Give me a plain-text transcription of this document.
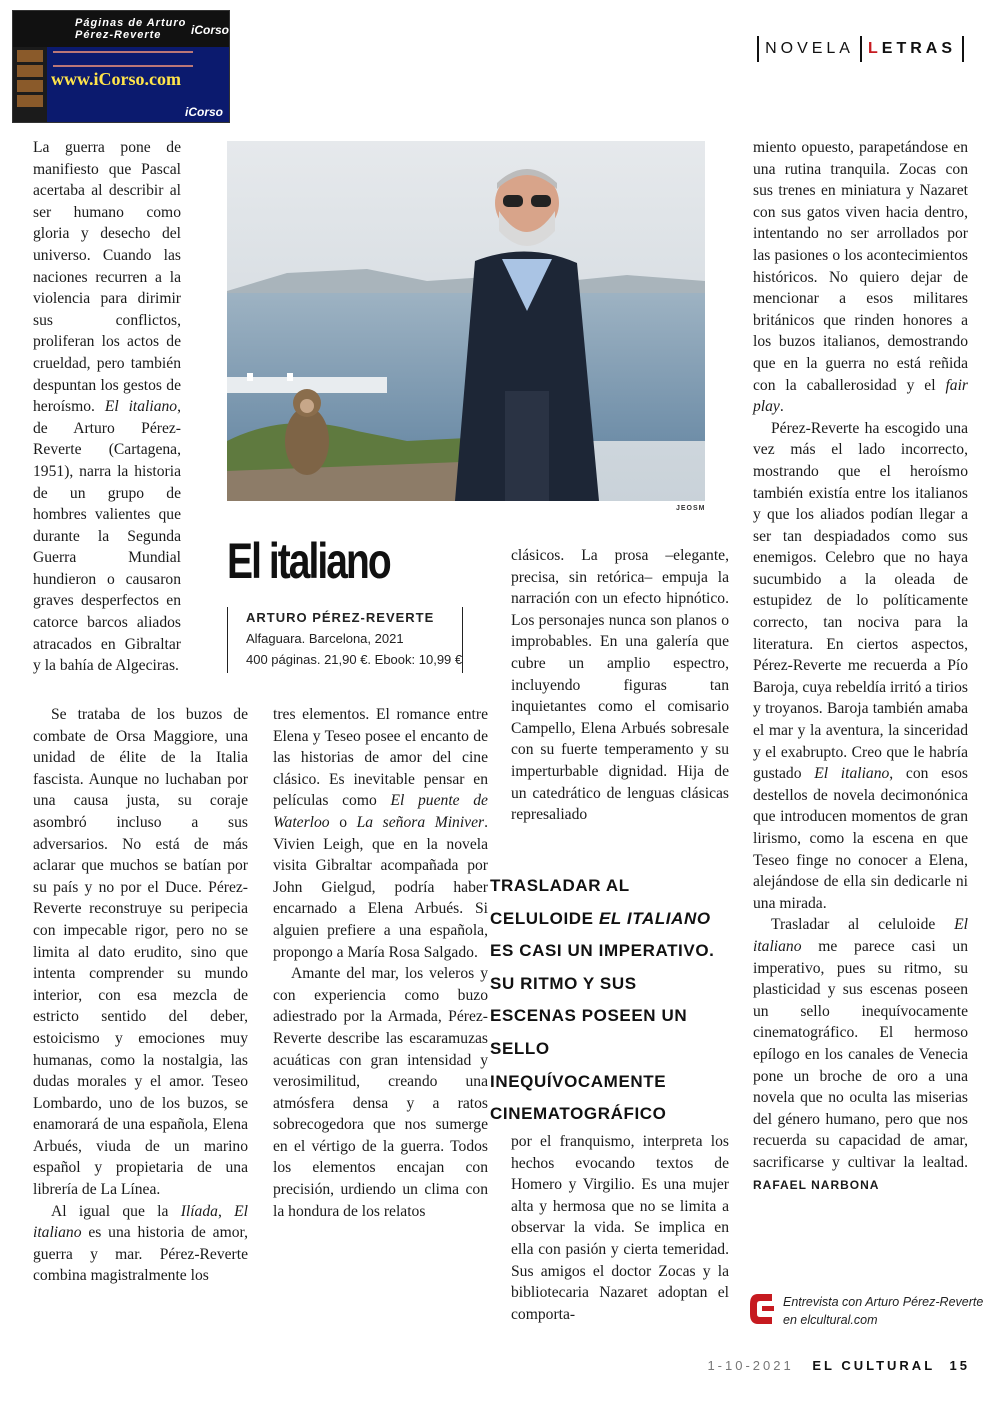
Páginas de Arturo Pérez-Reverte	iCorso
www.iCorso.com
iCorso
NOVELA L ETRAS
JEOSM

La guerra pone de manifiesto que Pascal acertaba al describir al ser humano como gloria y desecho del universo. Cuando las naciones recurren a la violencia para dirimir sus conflictos, proliferan los actos de crueldad, pero también despuntan los gestos de heroísmo. El italiano, de Arturo Pérez-Reverte (Cartagena, 1951), narra la historia de un grupo de hombres valientes que durante la Segunda Guerra Mundial hundieron o causaron graves desperfectos en catorce barcos aliados atracados en Gibraltar y la bahía de Algeciras.

Se trataba de los buzos de combate de Orsa Maggiore, una unidad de élite de la Italia fascista. Aunque no luchaban por una causa justa, su coraje asombró incluso a sus adversarios. No está de más aclarar que muchos se batían por su país y no por el Duce. Pérez-Reverte reconstruye su peripecia con impecable rigor, pero no se limita al dato erudito, sino que intenta comprender su mundo interior, con esa mezcla de estricto sentido del deber, estoicismo y emociones muy humanas, como la nostalgia, las dudas morales y el amor. Teseo Lombardo, uno de los buzos, se enamorará de una española, Elena Arbués, viuda de un marino español y propietaria de una librería de La Línea.

Al igual que la Ilíada, El italiano es una historia de amor, guerra y mar. Pérez-Reverte combina magistralmente los

El italiano
ARTURO PÉREZ-REVERTE
Alfaguara. Barcelona, 2021
400 páginas. 21,90 €. Ebook: 10,99 €

tres elementos. El romance entre Elena y Teseo posee el encanto de las historias de amor del cine clásico. Es inevitable pensar en películas como El puente de Waterloo o La señora Miniver. Vivien Leigh, que en la novela visita Gibraltar acompañada por John Gielgud, podría haber encarnado a Elena Arbués. Si alguien prefiere a una española, propongo a María Rosa Salgado.

Amante del mar, los veleros y con experiencia como buzo adiestrado por la Armada, Pérez-Reverte describe las escaramuzas acuáticas con gran intensidad y verosimilitud, creando una atmósfera densa y a ratos sobrecogedora que nos sumerge en el vértigo de la guerra. Todos los elementos encajan con precisión, urdiendo un clima con la hondura de los relatos

clásicos. La prosa –elegante, precisa, sin retórica– empuja la narración con un efecto hipnótico. Los personajes nunca son planos o improbables. En una galería que cubre un amplio espectro, incluyendo figuras tan inquietantes como el comisario Campello, Elena Arbués sobresale con su fuerte temperamento y su imperturbable dignidad. Hija de un catedrático de lenguas clásicas represaliado

TRASLADAR AL CELULOIDE EL ITALIANO ES CASI UN IMPERATIVO. SU RITMO Y SUS ESCENAS POSEEN UN SELLO INEQUÍVOCAMENTE CINEMATOGRÁFICO

por el franquismo, interpreta los hechos evocando textos de Homero y Virgilio. Es una mujer alta y hermosa que no se limita a observar la vida. Se implica en ella con pasión y cierta temeridad. Sus amigos el doctor Zocas y la bibliotecaria Nazaret adoptan el comporta-

miento opuesto, parapetándose en una rutina tranquila. Zocas con sus trenes en miniatura y Nazaret con sus gatos viven hacia dentro, intentando no ser arrollados por las pasiones o los acontecimientos históricos. No quiero dejar de mencionar a esos militares británicos que rinden honores a los buzos italianos, demostrando que en la guerra no está reñida con la caballerosidad y el fair play.

Pérez-Reverte ha escogido una vez más el lado incorrecto, mostrando que el heroísmo también existía entre los italianos y que los aliados podían llegar a ser tan despiadados como sus enemigos. Celebro que no haya sucumbido a la oleada de estupidez de lo políticamente correcto, tan nociva para la literatura. En ciertos aspectos, Pérez-Reverte me recuerda a Pío Baroja, cuya rebeldía irritó a tirios y troyanos. Baroja también amaba el mar y la aventura, la sinceridad y el exabrupto. Creo que le habría gustado El italiano, con esos destellos de novela decimonónica que introducen momentos de gran lirismo, como la escena en que Teseo finge no conocer a Elena, alejándose de ella sin dedicarle ni una mirada.

Trasladar al celuloide El italiano me parece casi un imperativo, pues su ritmo, su plasticidad y sus escenas poseen un sello inequívocamente cinematográfico. El hermoso epílogo en los canales de Venecia pone un broche de oro a una novela que no oculta las miserias del género humano, pero que nos recuerda su capacidad de amar, sacrificarse y cultivar la lealtad. RAFAEL NARBONA

Entrevista con Arturo Pérez-Reverte
en elcultural.com
1-10-2021 EL CULTURAL 15
